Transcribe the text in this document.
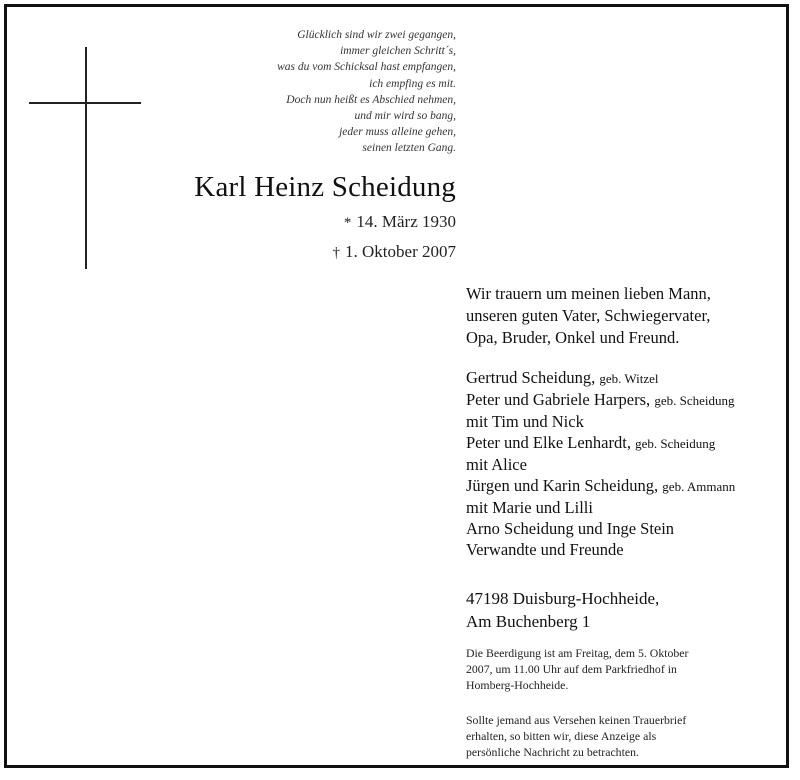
Glücklich sind wir zwei gegangen,
immer gleichen Schritt´s,
was du vom Schicksal hast empfangen,
ich empfing es mit.
Doch nun heißt es Abschied nehmen,
und mir wird so bang,
jeder muss alleine gehen,
seinen letzten Gang.
Karl Heinz Scheidung
* 14. März 1930
† 1. Oktober 2007
Wir trauern um meinen lieben Mann,
unseren guten Vater, Schwiegervater,
Opa, Bruder, Onkel und Freund.
Gertrud Scheidung, geb. Witzel
Peter und Gabriele Harpers, geb. Scheidung
mit Tim und Nick
Peter und Elke Lenhardt, geb. Scheidung
mit Alice
Jürgen und Karin Scheidung, geb. Ammann
mit Marie und Lilli
Arno Scheidung und Inge Stein
Verwandte und Freunde
47198 Duisburg-Hochheide,
Am Buchenberg 1
Die Beerdigung ist am Freitag, dem 5. Oktober
2007, um 11.00 Uhr auf dem Parkfriedhof in
Homberg-Hochheide.
Sollte jemand aus Versehen keinen Trauerbrief
erhalten, so bitten wir, diese Anzeige als
persönliche Nachricht zu betrachten.
